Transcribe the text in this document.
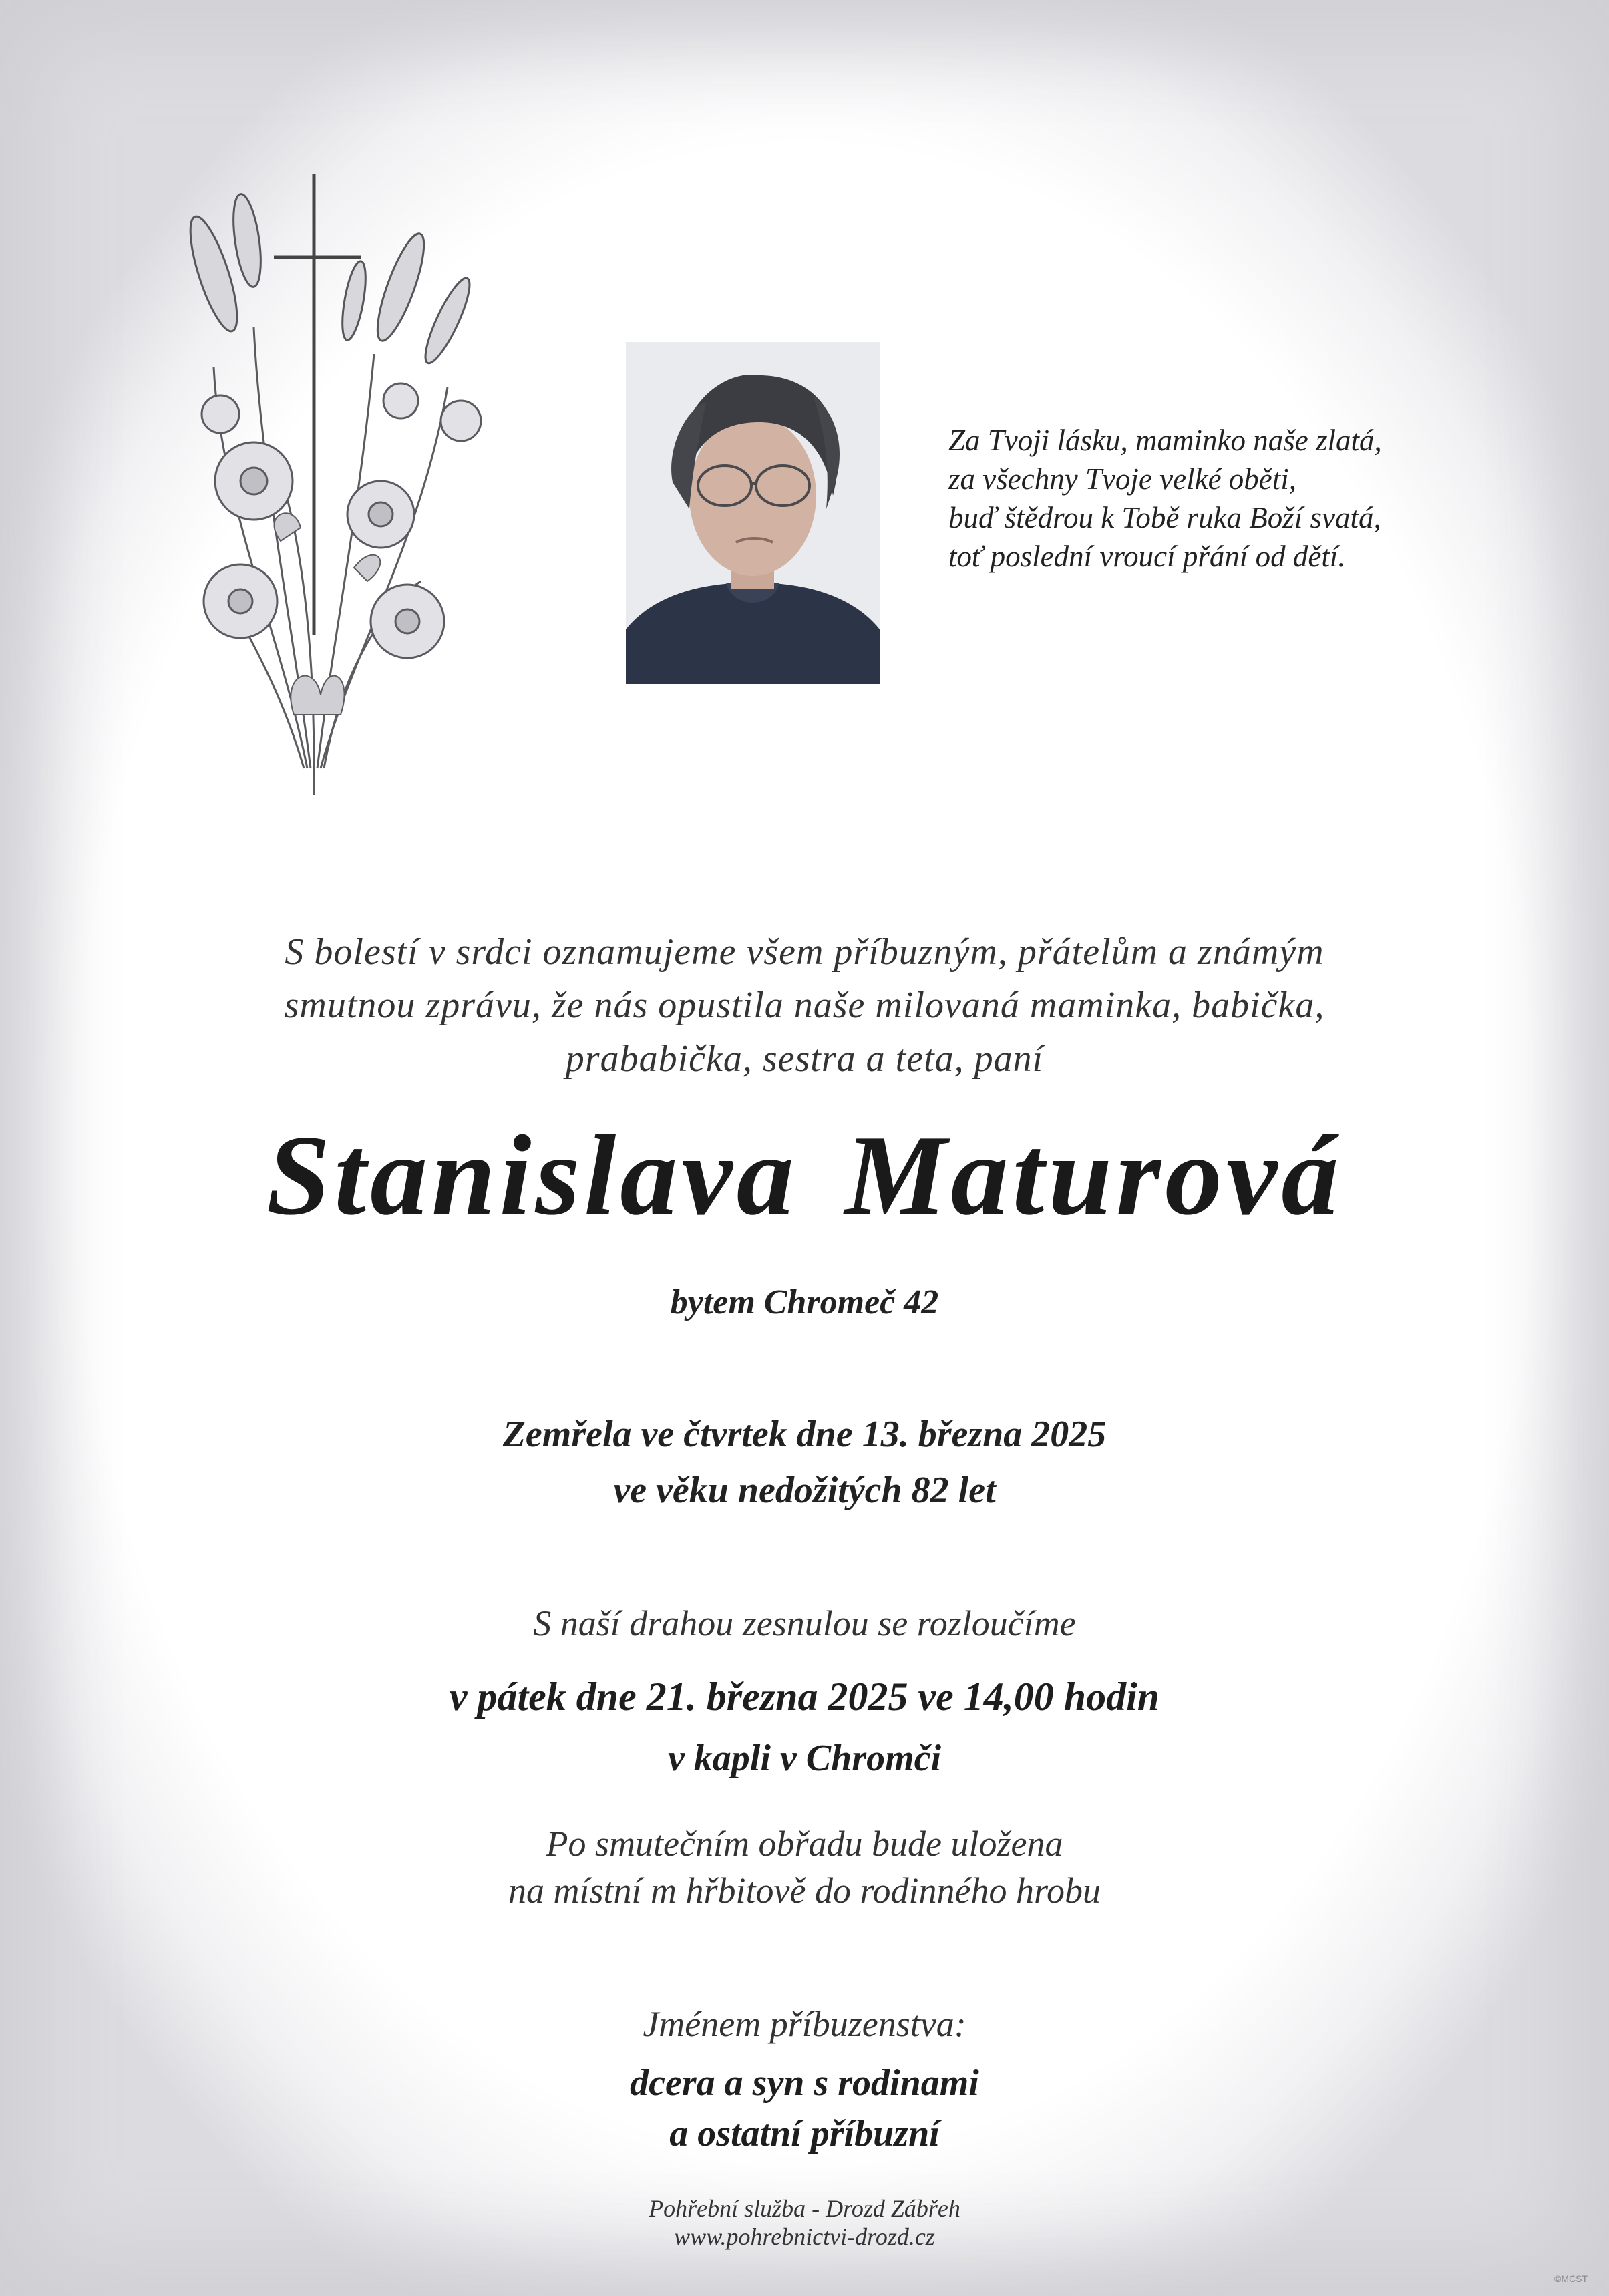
Za Tvoji lásku, maminko naše zlatá,
za všechny Tvoje velké oběti,
buď štědrou k Tobě ruka Boží svatá,
toť poslední vroucí přání od dětí.
S bolestí v srdci oznamujeme všem příbuzným, přátelům a známým
smutnou zprávu, že nás opustila naše milovaná maminka, babička,
prababička, sestra a teta, paní
Stanislava Maturová
bytem Chromeč 42
Zemřela ve čtvrtek dne 13. března 2025
ve věku nedožitých 82 let
S naší drahou zesnulou se rozloučíme
v pátek dne 21. března 2025 ve 14,00 hodin
v kapli v Chromči
Po smutečním obřadu bude uložena
na místní m hřbitově do rodinného hrobu
Jménem příbuzenstva:
dcera a syn s rodinami
a ostatní příbuzní
Pohřební služba - Drozd Zábřeh
www.pohrebnictvi-drozd.cz
©MCST
